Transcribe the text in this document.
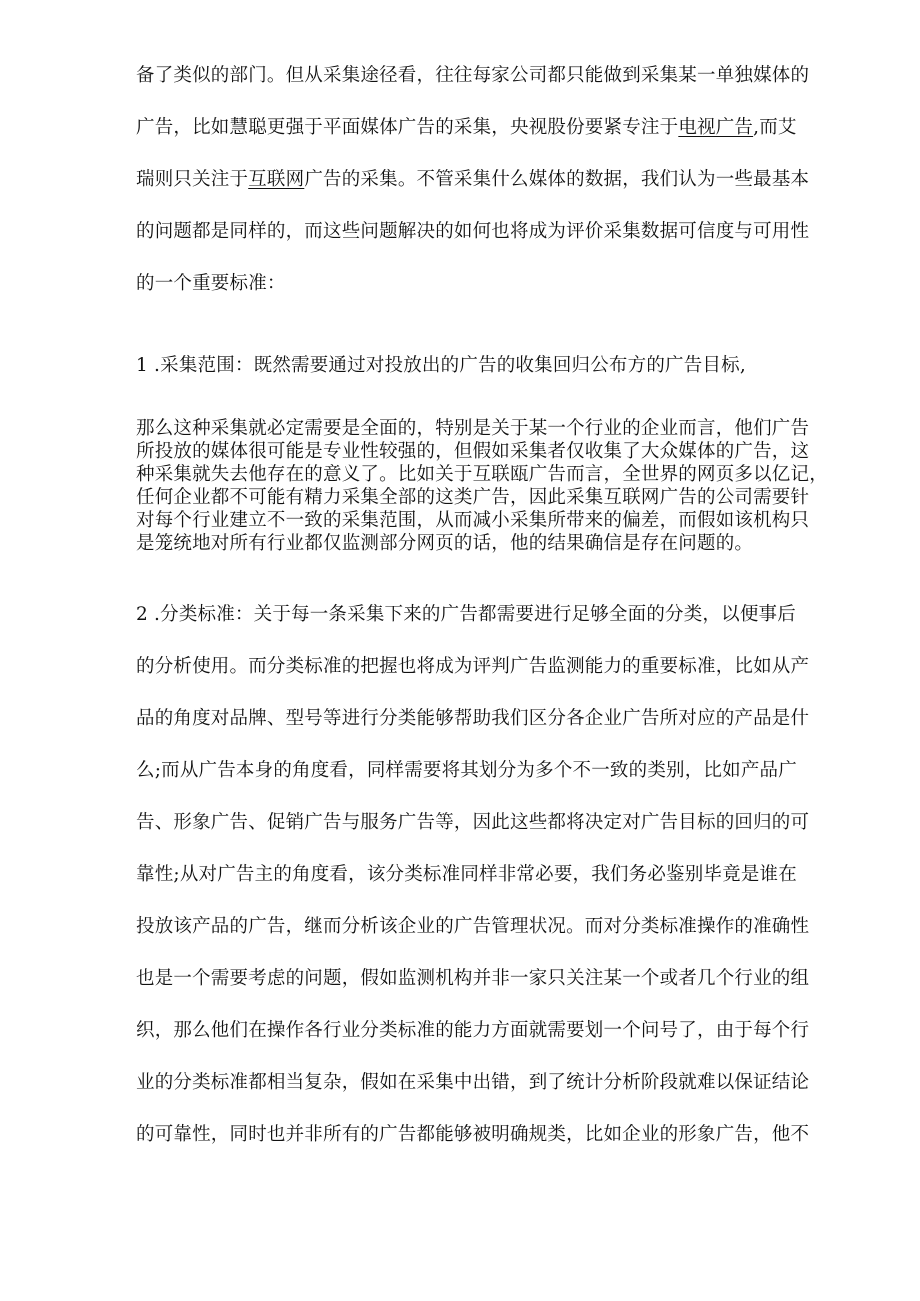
备了类似的部门。但从采集途径看，往往每家公司都只能做到采集某一单独媒体的
广告，比如慧聪更强于平面媒体广告的采集，央视股份要紧专注于电视广告,而艾
瑞则只关注于互联网广告的采集。不管采集什么媒体的数据，我们认为一些最基本
的问题都是同样的，而这些问题解决的如何也将成为评价采集数据可信度与可用性
的一个重要标准：
1 .采集范围：既然需要通过对投放出的广告的收集回归公布方的广告目标,
那么这种采集就必定需要是全面的，特别是关于某一个行业的企业而言，他们广告
所投放的媒体很可能是专业性较强的，但假如采集者仅收集了大众媒体的广告，这
种采集就失去他存在的意义了。比如关于互联瓯广告而言，全世界的网页多以亿记，
任何企业都不可能有精力采集全部的这类广告，因此采集互联网广告的公司需要针
对每个行业建立不一致的采集范围，从而减小采集所带来的偏差，而假如该机构只
是笼统地对所有行业都仅监测部分网页的话，他的结果确信是存在问题的。
2 .分类标准：关于每一条采集下来的广告都需要进行足够全面的分类，以便事后
的分析使用。而分类标准的把握也将成为评判广告监测能力的重要标准，比如从产
品的角度对品牌、型号等进行分类能够帮助我们区分各企业广告所对应的产品是什
么;而从广告本身的角度看，同样需要将其划分为多个不一致的类别，比如产品广
告、形象广告、促销广告与服务广告等，因此这些都将决定对广告目标的回归的可
靠性;从对广告主的角度看，该分类标准同样非常必要，我们务必鉴别毕竟是谁在
投放该产品的广告，继而分析该企业的广告管理状况。而对分类标准操作的准确性
也是一个需要考虑的问题，假如监测机构并非一家只关注某一个或者几个行业的组
织，那么他们在操作各行业分类标准的能力方面就需要划一个问号了，由于每个行
业的分类标准都相当复杂，假如在采集中出错，到了统计分析阶段就难以保证结论
的可靠性，同时也并非所有的广告都能够被明确规类，比如企业的形象广告，他不
